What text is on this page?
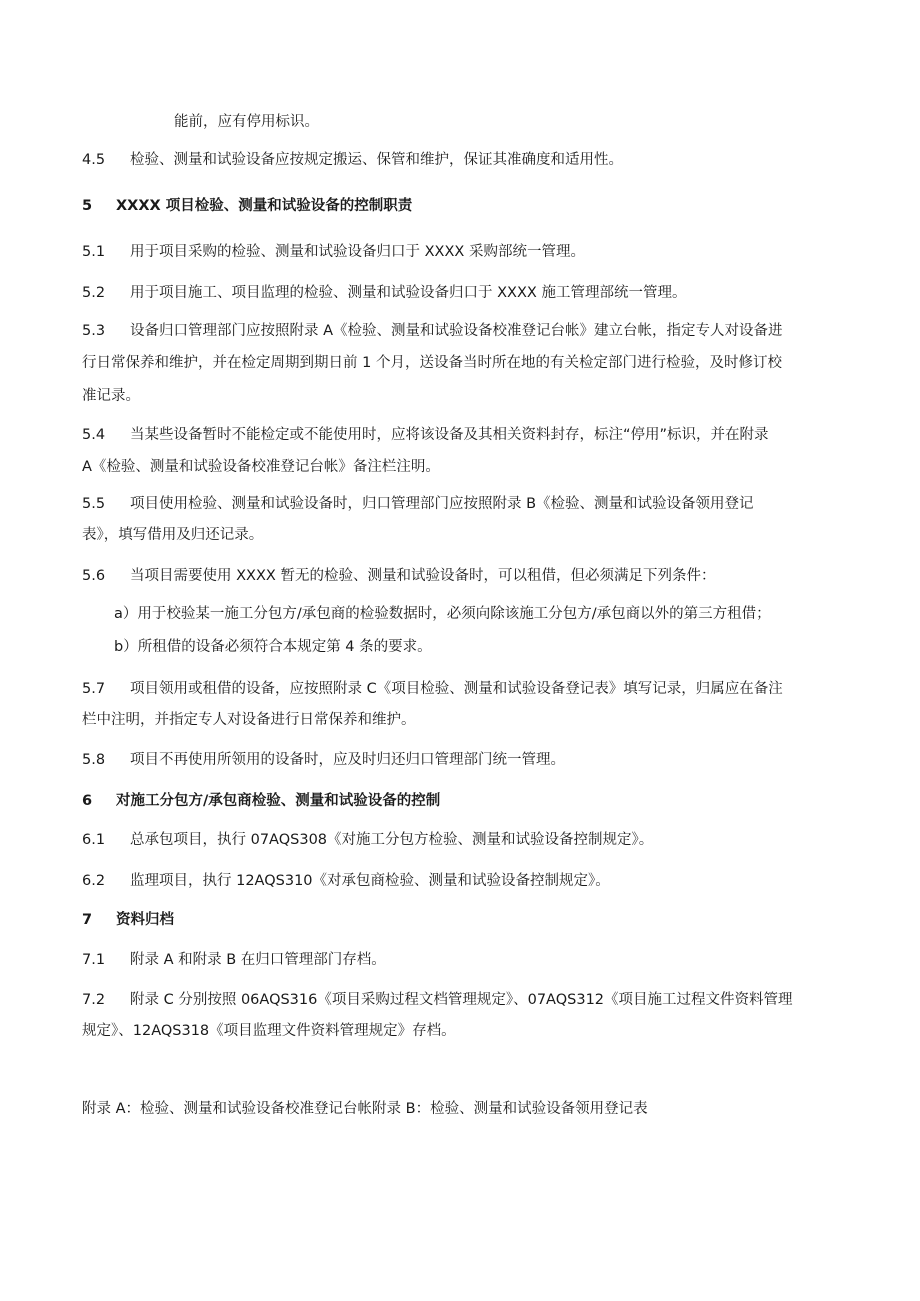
能前，应有停用标识。
4.5 检验、测量和试验设备应按规定搬运、保管和维护，保证其准确度和适用性。
5 XXXX 项目检验、测量和试验设备的控制职责
5.1 用于项目采购的检验、测量和试验设备归口于 XXXX 采购部统一管理。
5.2 用于项目施工、项目监理的检验、测量和试验设备归口于 XXXX 施工管理部统一管理。
5.3 设备归口管理部门应按照附录 A《检验、测量和试验设备校准登记台帐》建立台帐，指定专人对设备进
行日常保养和维护，并在检定周期到期日前 1 个月，送设备当时所在地的有关检定部门进行检验，及时修订校
准记录。
5.4 当某些设备暂时不能检定或不能使用时，应将该设备及其相关资料封存，标注“停用”标识，并在附录
A《检验、测量和试验设备校准登记台帐》备注栏注明。
5.5 项目使用检验、测量和试验设备时，归口管理部门应按照附录 B《检验、测量和试验设备领用登记
表》，填写借用及归还记录。
5.6 当项目需要使用 XXXX 暂无的检验、测量和试验设备时，可以租借，但必须满足下列条件：
a）用于校验某一施工分包方/承包商的检验数据时，必须向除该施工分包方/承包商以外的第三方租借；
b）所租借的设备必须符合本规定第 4 条的要求。
5.7 项目领用或租借的设备，应按照附录 C《项目检验、测量和试验设备登记表》填写记录，归属应在备注
栏中注明，并指定专人对设备进行日常保养和维护。
5.8 项目不再使用所领用的设备时，应及时归还归口管理部门统一管理。
6 对施工分包方/承包商检验、测量和试验设备的控制
6.1 总承包项目，执行 07AQS308《对施工分包方检验、测量和试验设备控制规定》。
6.2 监理项目，执行 12AQS310《对承包商检验、测量和试验设备控制规定》。
7 资料归档
7.1 附录 A 和附录 B 在归口管理部门存档。
7.2 附录 C 分别按照 06AQS316《项目采购过程文档管理规定》、07AQS312《项目施工过程文件资料管理
规定》、12AQS318《项目监理文件资料管理规定》存档。
附录 A：检验、测量和试验设备校准登记台帐附录 B：检验、测量和试验设备领用登记表
